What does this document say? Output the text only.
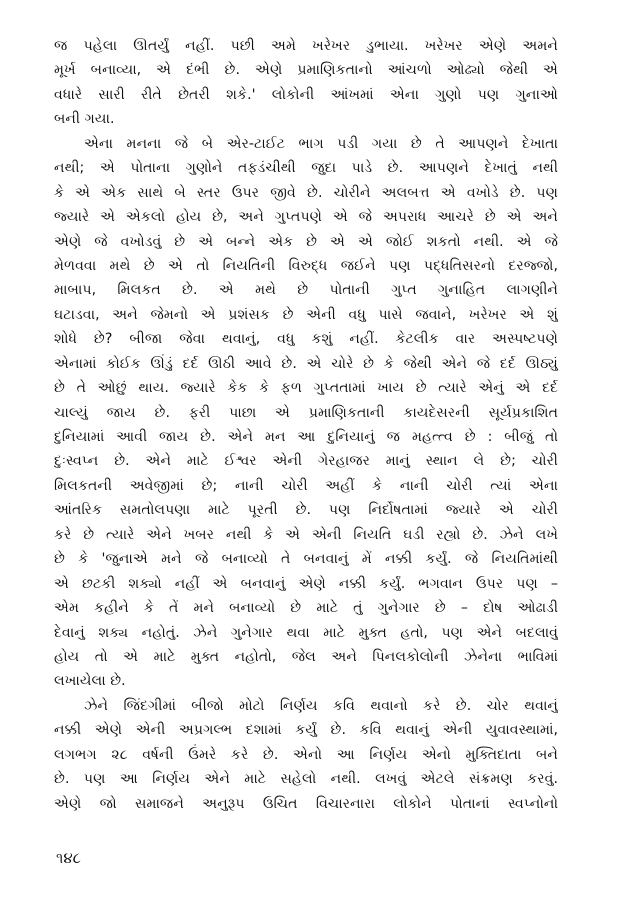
જ પહેલા ઊતર્યું નહીં. પછી અમે ખરેખર ડુભાયા. ખરેખર એણે અમને
મૂર્ખ બનાવ્યા, એ દંભી છે. એણે પ્રમાણિકતાનો આંચળો ઓઢ્યો જેથી એ
વધારે સારી રીતે છેતરી શકે.' લોકોની આંખમાં એના ગુણો પણ ગુનાઓ
બની ગયા.
એના મનના જે બે એર-ટાઈટ ભાગ પડી ગયા છે તે આપણને દેખાતા
નથી; એ પોતાના ગુણોને તફડંચીથી જુદા પાડે છે. આપણને દેખાતું નથી
કે એ એક સાથે બે સ્તર ઉપર જીવે છે. ચોરીને અલબત્ત એ વખોડે છે. પણ
જ્યારે એ એકલો હોય છે, અને ગુપ્તપણે એ જે અપરાધ આચરે છે એ અને
એણે જે વખોડવું છે એ બન્ને એક છે એ એ જોઈ શકતો નથી. એ જે
મેળવવા મથે છે એ તો નિયતિની વિરુદ્ધ જઈને પણ પદ્ધતિસરનો દરજ્જો,
માબાપ, મિલકત છે. એ મથે છે પોતાની ગુપ્ત ગુનાહિત લાગણીને
ઘટાડવા, અને જેમનો એ પ્રશંસક છે એની વધુ પાસે જવાને, ખરેખર એ શું
શોધે છે? બીજા જેવા થવાનું, વધુ કશું નહીં. કેટલીક વાર અસ્પષ્ટપણે
એનામાં કોઈક ઊંડું દર્દ ઊઠી આવે છે. એ ચોરે છે કે જેથી એને જે દર્દ ઊઠ્યું
છે તે ઓછું થાય. જ્યારે કેક કે ફળ ગુપ્તતામાં ખાય છે ત્યારે એનું એ દર્દ
ચાલ્યું જાય છે. ફરી પાછા એ પ્રમાણિકતાની કાયદેસરની સૂર્યપ્રકાશિત
દુનિયામાં આવી જાય છે. એને મન આ દુનિયાનું જ મહત્ત્વ છે : બીજું તો
દુઃસ્વપ્ન છે. એને માટે ઈશ્વર એની ગેરહાજર માનું સ્થાન લે છે; ચોરી
મિલકતની અવેજીમાં છે; નાની ચોરી અહીં કે નાની ચોરી ત્યાં એના
આંતરિક સમતોલપણા માટે પૂરતી છે. પણ નિર્દોષતામાં જ્યારે એ ચોરી
કરે છે ત્યારે એને ખબર નથી કે એ એની નિયતિ ઘડી રહ્યો છે. ઝેને લખે
છે કે 'જુનાએ મને જે બનાવ્યો તે બનવાનું મેં નક્કી કર્યું. જે નિયતિમાંથી
એ છટકી શક્યો નહીં એ બનવાનું એણે નક્કી કર્યું. ભગવાન ઉપર પણ –
એમ કહીને કે તેં મને બનાવ્યો છે માટે તું ગુનેગાર છે – દોષ ઓઢાડી
દેવાનું શક્ય નહોતું. ઝેને ગુનેગાર થવા માટે મુક્ત હતો, પણ એને બદલાવું
હોય તો એ માટે મુક્ત નહોતો, જેલ અને પિનલકોલોની ઝેનેના ભાવિમાં
લખાયેલા છે.
ઝેને જિંદગીમાં બીજો મોટો નિર્ણય કવિ થવાનો કરે છે. ચોર થવાનું
નક્કી એણે એની અપ્રગલ્ભ દશામાં કર્યું છે. કવિ થવાનું એની યુવાવસ્થામાં,
લગભગ ૨૮ વર્ષની ઉંમરે કરે છે. એનો આ નિર્ણય એનો મુક્તિદાતા બને
છે. પણ આ નિર્ણય એને માટે સહેલો નથી. લખવું એટલે સંક્રમણ કરવું.
એણે જો સમાજને અનુરૂપ ઉચિત વિચારનારા લોકોને પોતાનાં સ્વપ્નોનો
૧૪૮
